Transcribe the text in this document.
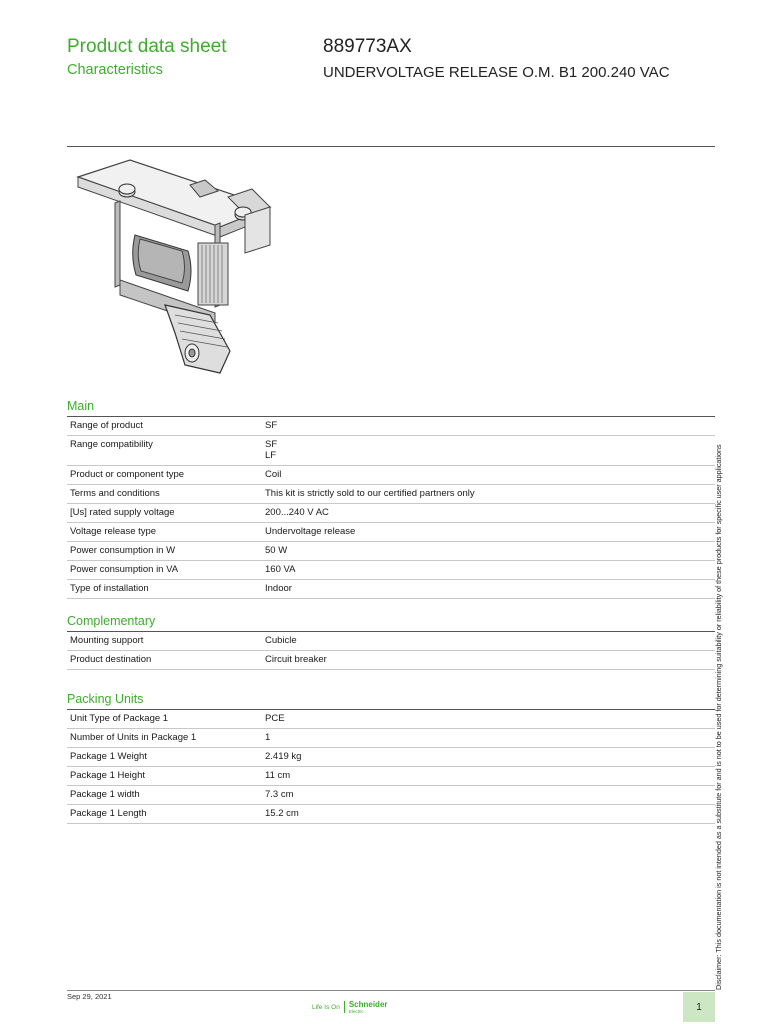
Product data sheet
Characteristics
889773AX
UNDERVOLTAGE RELEASE O.M. B1 200.240 VAC
Main
Range of product	SF

Range compatibility	SF
LF

Product or component type	Coil

Terms and conditions	This kit is strictly sold to our certified partners only

[Us] rated supply voltage	200...240 V AC

Voltage release type	Undervoltage release

Power consumption in W	50 W

Power consumption in VA	160 VA

Type of installation	Indoor
Complementary
Mounting support	Cubicle

Product destination	Circuit breaker
Packing Units
Unit Type of Package 1	PCE

Number of Units in Package 1	1

Package 1 Weight	2.419 kg

Package 1 Height	11 cm

Package 1 width	7.3 cm

Package 1 Length	15.2 cm	Disclaimer: This documentation is not intended as a substitute for and is not to be used for determining suitability or reliability of these products for specific user applications
Sep 29, 2021
Life Is On Schneider
Electric	1
